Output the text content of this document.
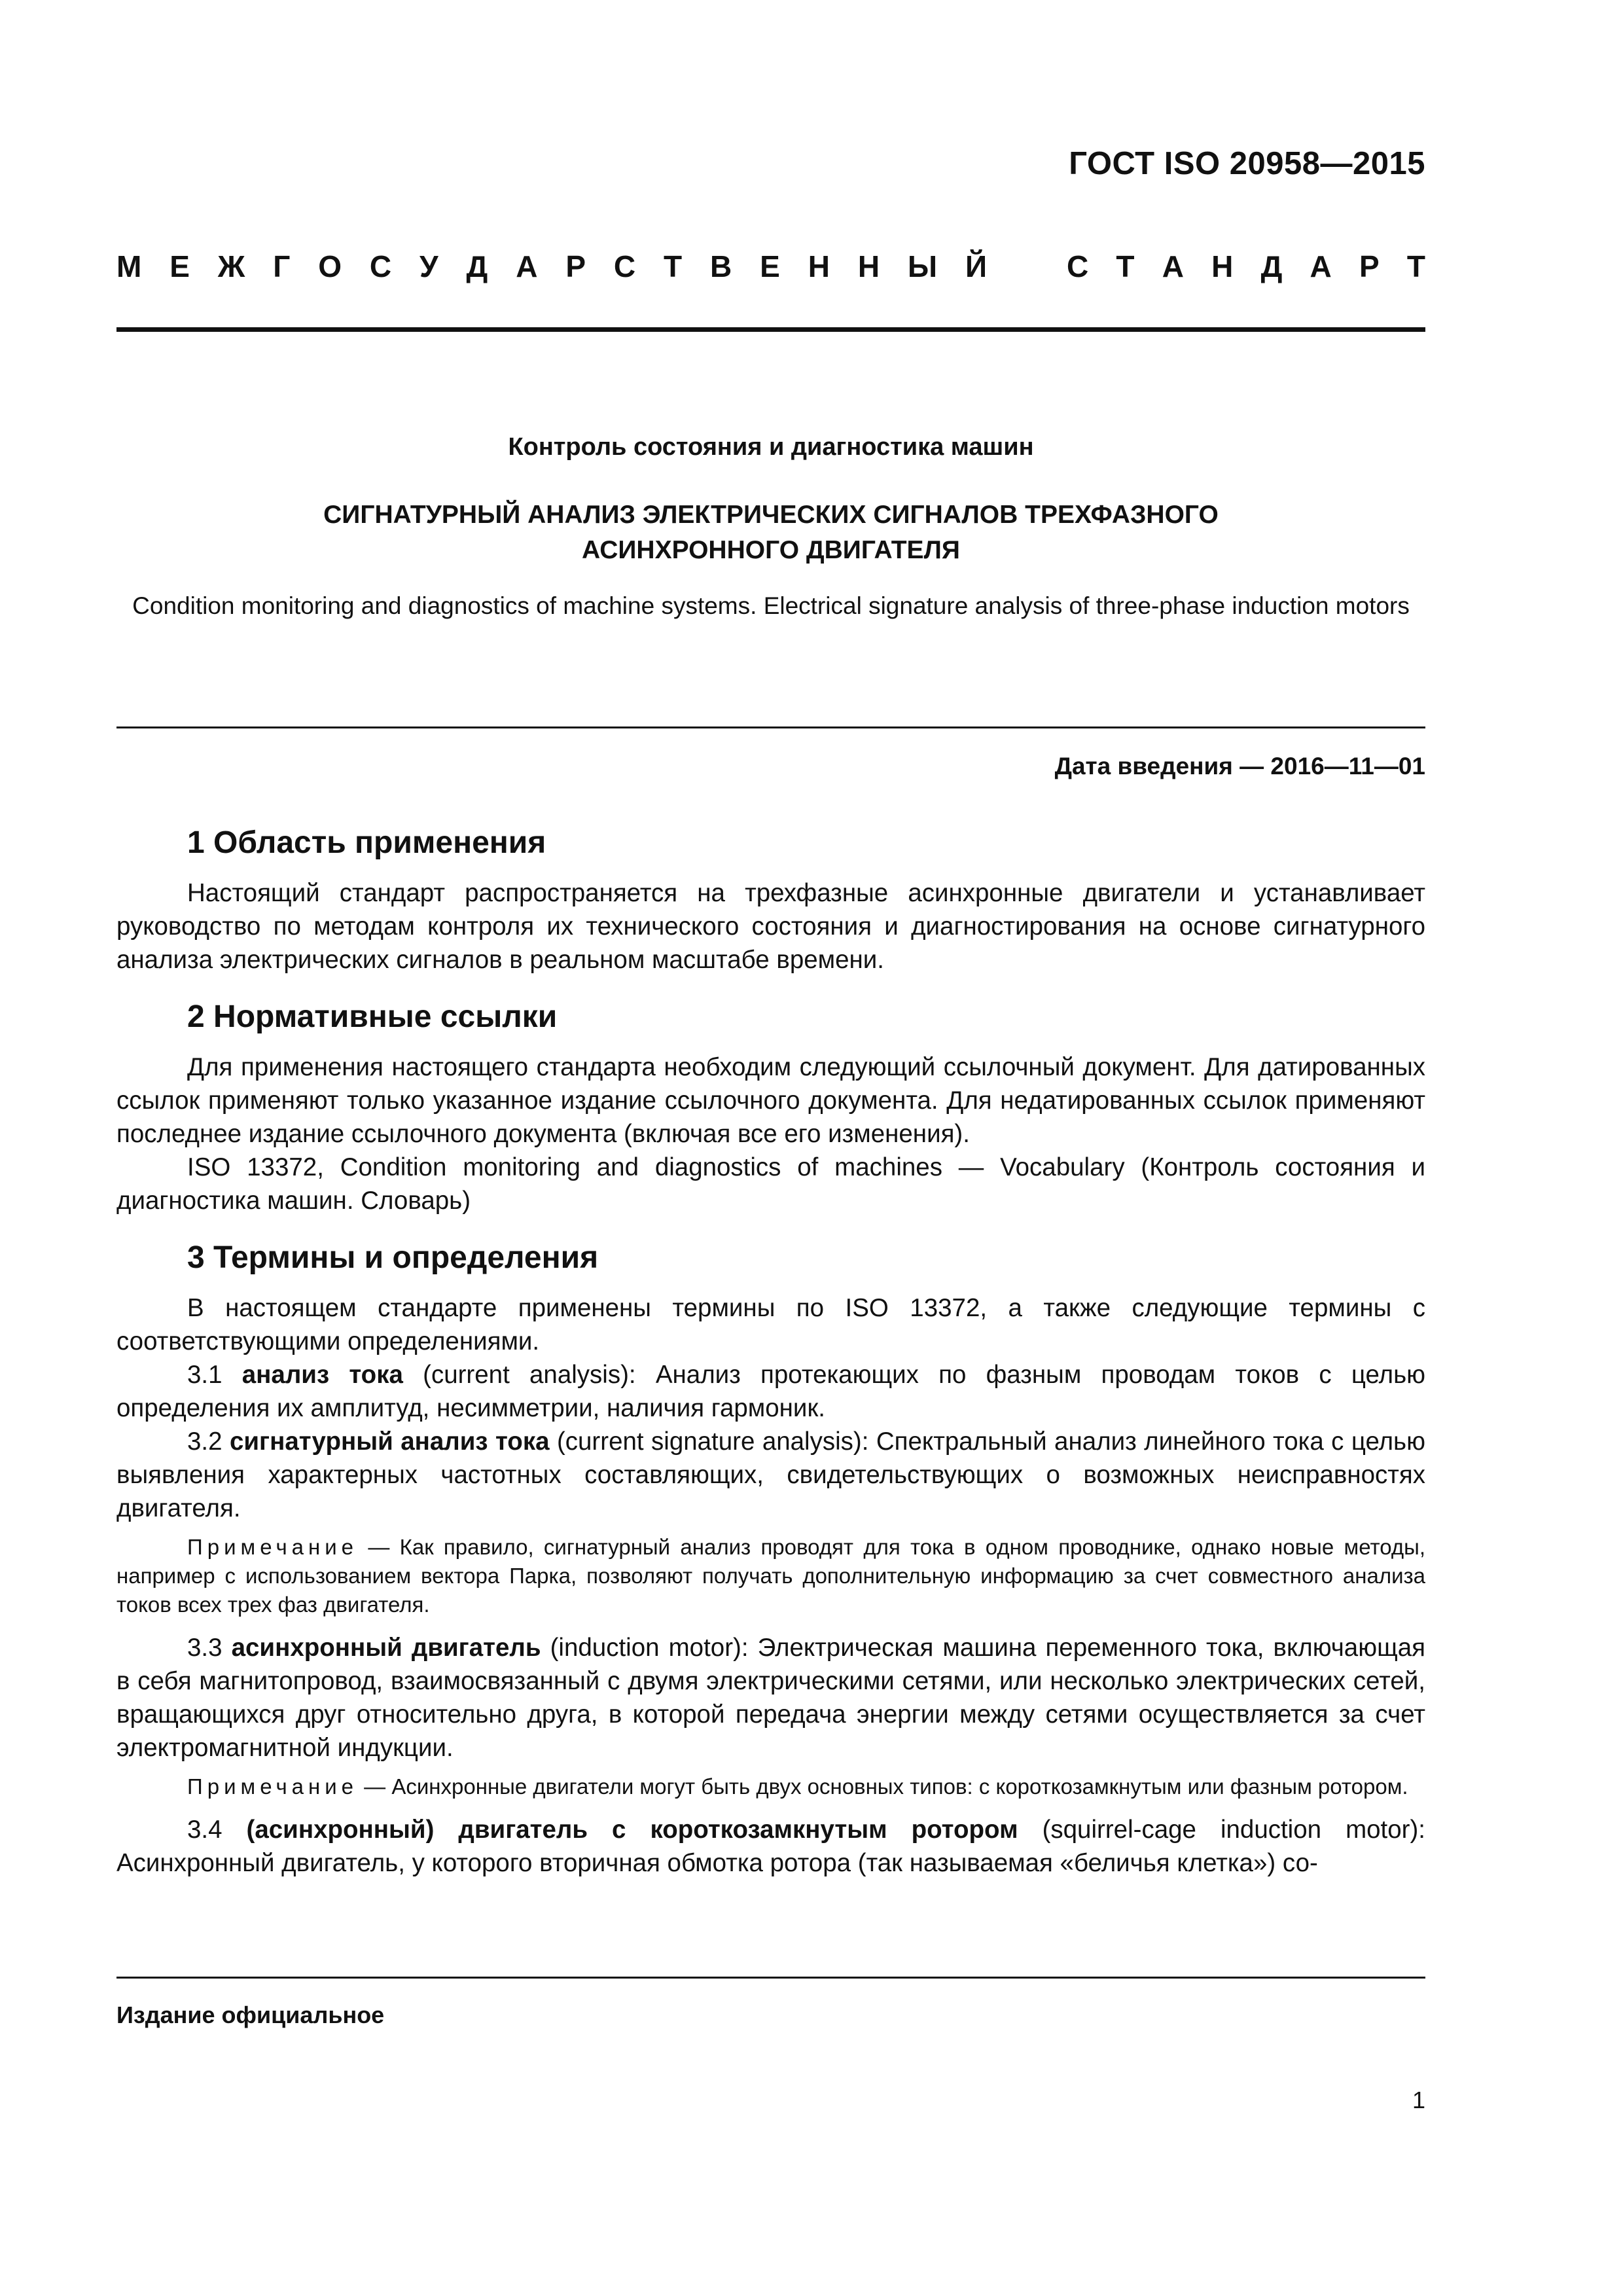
ГОСТ ISO 20958—2015
М Е Ж Г О С У Д А Р С Т В Е Н Н Ы Й	С Т А Н Д А Р Т
Контроль состояния и диагностика машин
СИГНАТУРНЫЙ АНАЛИЗ ЭЛЕКТРИЧЕСКИХ СИГНАЛОВ ТРЕХФАЗНОГО
АСИНХРОННОГО ДВИГАТЕЛЯ
Condition monitoring and diagnostics of machine systems. Electrical signature analysis of three-phase induction motors
Дата введения — 2016—11—01
1 Область применения

Настоящий стандарт распространяется на трехфазные асинхронные двигатели и устанавливает руководство по методам контроля их технического состояния и диагностирования на основе сигнатурного анализа электрических сигналов в реальном масштабе времени.

2 Нормативные ссылки

Для применения настоящего стандарта необходим следующий ссылочный документ. Для датированных ссылок применяют только указанное издание ссылочного документа. Для недатированных ссылок применяют последнее издание ссылочного документа (включая все его изменения).

ISO 13372, Condition monitoring and diagnostics of machines — Vocabulary (Контроль состояния и диагностика машин. Словарь)

3 Термины и определения

В настоящем стандарте применены термины по ISO 13372, а также следующие термины с соответствующими определениями.

3.1 анализ тока (current analysis): Анализ протекающих по фазным проводам токов с целью определения их амплитуд, несимметрии, наличия гармоник.

3.2 сигнатурный анализ тока (current signature analysis): Спектральный анализ линейного тока с целью выявления характерных частотных составляющих, свидетельствующих о возможных неисправностях двигателя.

Примечание — Как правило, сигнатурный анализ проводят для тока в одном проводнике, однако новые методы, например с использованием вектора Парка, позволяют получать дополнительную информацию за счет совместного анализа токов всех трех фаз двигателя.

3.3 асинхронный двигатель (induction motor): Электрическая машина переменного тока, включающая в себя магнитопровод, взаимосвязанный с двумя электрическими сетями, или несколько электрических сетей, вращающихся друг относительно друга, в которой передача энергии между сетями осуществляется за счет электромагнитной индукции.

Примечание — Асинхронные двигатели могут быть двух основных типов: с короткозамкнутым или фазным ротором.

3.4 (асинхронный) двигатель с короткозамкнутым ротором (squirrel-cage induction motor): Асинхронный двигатель, у которого вторичная обмотка ротора (так называемая «беличья клетка») со-

Издание официальное
1
